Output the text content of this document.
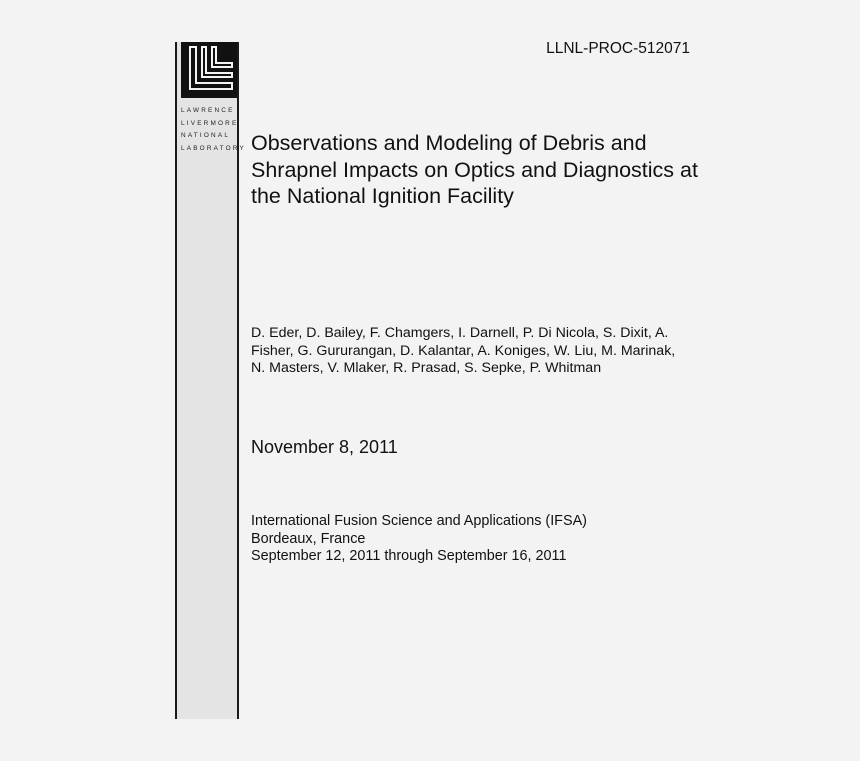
LAWRENCE
LIVERMORE
NATIONAL
LABORATORY
LLNL-PROC-512071
Observations and Modeling of Debris and Shrapnel Impacts on Optics and Diagnostics at the National Ignition Facility
D. Eder, D. Bailey, F. Chamgers, I. Darnell, P. Di Nicola, S. Dixit, A. Fisher, G. Gururangan, D. Kalantar, A. Koniges, W. Liu, M. Marinak, N. Masters, V. Mlaker, R. Prasad, S. Sepke, P. Whitman
November 8, 2011
International Fusion Science and Applications (IFSA)
Bordeaux, France
September 12, 2011 through September 16, 2011
